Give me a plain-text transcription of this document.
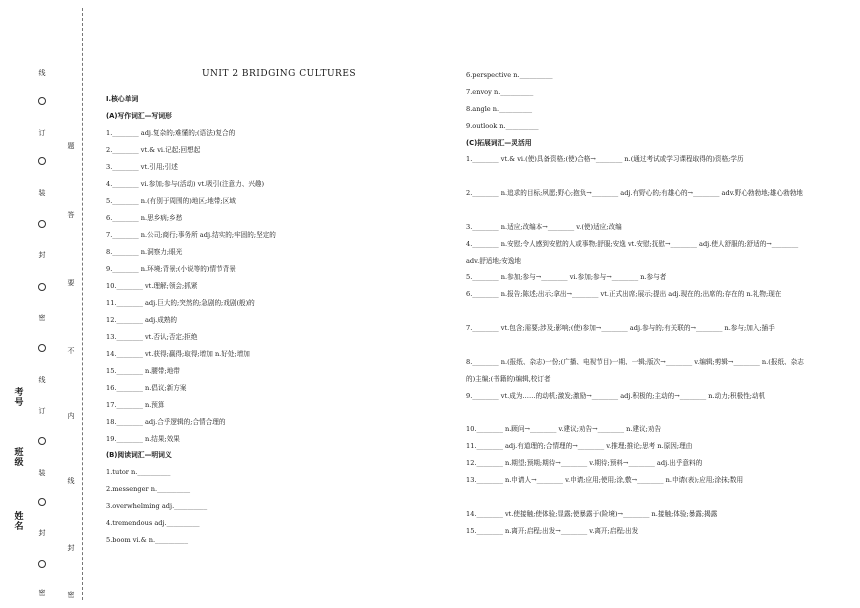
线
订
装
封
密
线
订
装
封
密
考号
班级
姓名
题
答
要
不
内
线
封
密
UNIT 2 BRIDGING CULTURES
Ⅰ.核心单词
(A)写作词汇—写词形
1.________ adj.复杂的;难懂的;(语法)复合的
2.________ vt.& vi.记起;回想起
3.________ vt.引用;引述
4.________ vi.参加;参与(活动) vt.吸引(注意力、兴趣)
5.________ n.(有别于周围的)地区;地带;区域
6.________ n.思乡病;乡愁
7.________ n.公司;商行;事务所 adj.结实的;牢固的;坚定的
8.________ n.洞察力;眼光
9.________ n.环境;背景;(小说等的)情节背景
10.________ vt.理解;领会;抓紧
11.________ adj.巨大的;突然的;急剧的;戏剧(般)的
12.________ adj.成熟的
13.________ vt.否认;否定;拒绝
14.________ vt.获得;赢得;取得;增加 n.好处;增加
15.________ n.腰带;地带
16.________ n.倡议;新方案
17.________ n.预算
18.________ adj.合乎逻辑的;合情合理的
19.________ n.结果;效果
(B)阅读词汇—明词义
1.tutor n.__________
2.messenger n.__________
3.overwhelming adj.__________
4.tremendous adj.__________
5.boom vi.& n.__________
6.perspective n.__________
7.envoy n.__________
8.angle n.__________
9.outlook n.__________
(C)拓展词汇—灵活用
1.________ vt.& vi.(使)具备资格;(使)合格→________ n.(通过考试或学习课程取得的)资格;学历
2.________ n.追求的目标;夙愿;野心;抱负→________ adj.有野心的;有雄心的→________ adv.野心勃勃地;雄心勃勃地
3.________ n.适应;改编本→________ v.(使)适应;改编
4.________ n.安慰;令人感到安慰的人或事物;舒服;安逸 vt.安慰;抚慰→________ adj.使人舒服的;舒适的→________ adv.舒适地;安逸地
5.________ n.参加;参与→________ vi.参加;参与→________ n.参与者
6.________ n.报告;陈述;出示;拿出→________ vt.正式出席;展示;提出 adj.现在的;出席的;存在的 n.礼物;现在
7.________ vt.包含;需要;涉及;影响;(使)参加→________ adj.参与的;有关联的→________ n.参与;加入;插手
8.________ n.(报纸、杂志)一份;(广播、电视节目)一期、一辑;版次→________ v.编辑;剪辑→________ n.(报纸、杂志的)主编;(书籍的)编辑,校订者
9.________ vt.成为……的动机;激发;激励→________ adj.积极的;主动的→________ n.动力;积极性;动机
10.________ n.顾问→________ v.建议;劝告→________ n.建议;劝告
11.________ adj.有道理的;合情理的→________ v.推理;推论;思考 n.原因;理由
12.________ n.期望;预期;期待→________ v.期待;预料→________ adj.出乎意料的
13.________ n.申请人→________ v.申请;应用;使用;涂,敷→________ n.申请(表);应用;涂抹;数用
14.________ vt.使接触;使体验;显露;使暴露于(险境)→________ n.接触;体验;暴露;揭露
15.________ n.离开;启程;出发→________ v.离开;启程;出发
